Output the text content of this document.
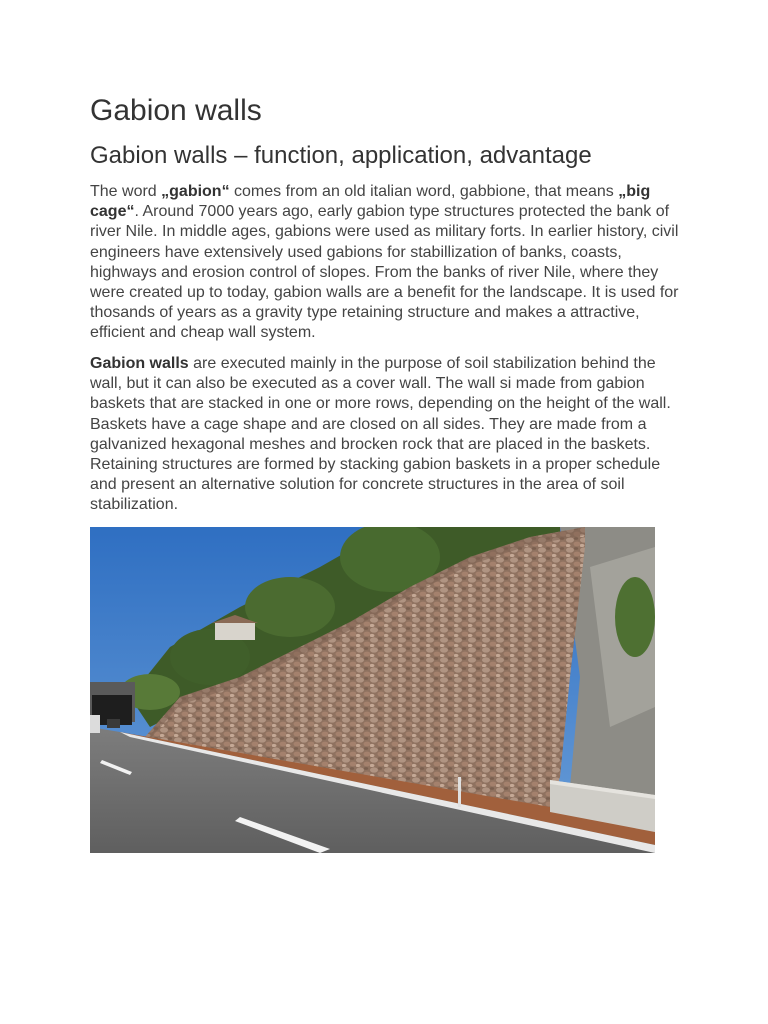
Gabion walls
Gabion walls – function, application, advantage

The word „gabion“ comes from an old italian word, gabbione, that means „big cage“. Around 7000 years ago, early gabion type structures protected the bank of river Nile. In middle ages, gabions were used as military forts. In earlier history, civil engineers have extensively used gabions for stabillization of banks, coasts, highways and erosion control of slopes. From the banks of river Nile, where they were created up to today, gabion walls are a benefit for the landscape. It is used for thosands of years as a gravity type retaining structure and makes a attractive, efficient and cheap wall system.

Gabion walls are executed mainly in the purpose of soil stabilization behind the wall, but it can also be executed as a cover wall. The wall si made from gabion baskets that are stacked in one or more rows, depending on the height of the wall. Baskets have a cage shape and are closed on all sides. They are made from a galvanized hexagonal meshes and brocken rock that are placed in the baskets. Retaining structures are formed by stacking gabion baskets in a proper schedule and present an alternative solution for concrete structures in the area of soil stabilization.
